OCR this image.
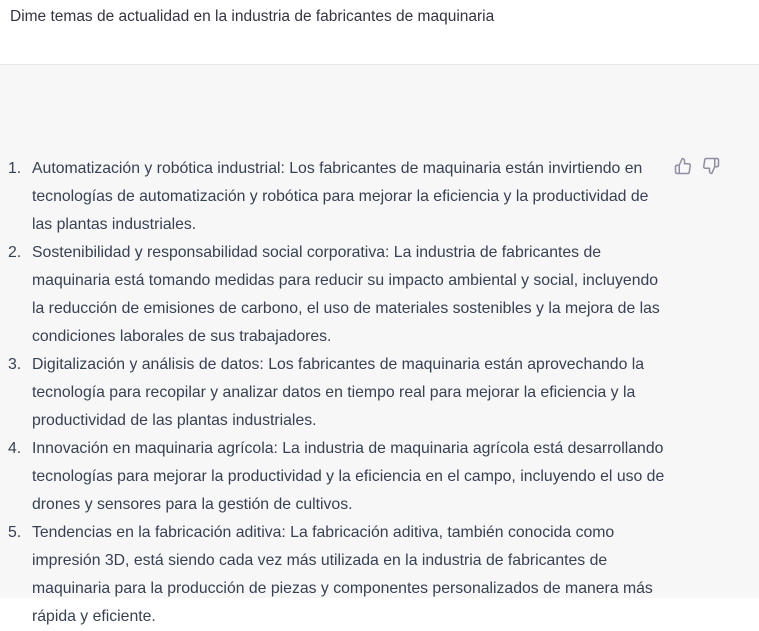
Dime temas de actualidad en la industria de fabricantes de maquinaria
1. Automatización y robótica industrial: Los fabricantes de maquinaria están invirtiendo en tecnologías de automatización y robótica para mejorar la eficiencia y la productividad de las plantas industriales.
2. Sostenibilidad y responsabilidad social corporativa: La industria de fabricantes de maquinaria está tomando medidas para reducir su impacto ambiental y social, incluyendo la reducción de emisiones de carbono, el uso de materiales sostenibles y la mejora de las condiciones laborales de sus trabajadores.
3. Digitalización y análisis de datos: Los fabricantes de maquinaria están aprovechando la tecnología para recopilar y analizar datos en tiempo real para mejorar la eficiencia y la productividad de las plantas industriales.
4. Innovación en maquinaria agrícola: La industria de maquinaria agrícola está desarrollando tecnologías para mejorar la productividad y la eficiencia en el campo, incluyendo el uso de drones y sensores para la gestión de cultivos.
5. Tendencias en la fabricación aditiva: La fabricación aditiva, también conocida como impresión 3D, está siendo cada vez más utilizada en la industria de fabricantes de maquinaria para la producción de piezas y componentes personalizados de manera más rápida y eficiente.
